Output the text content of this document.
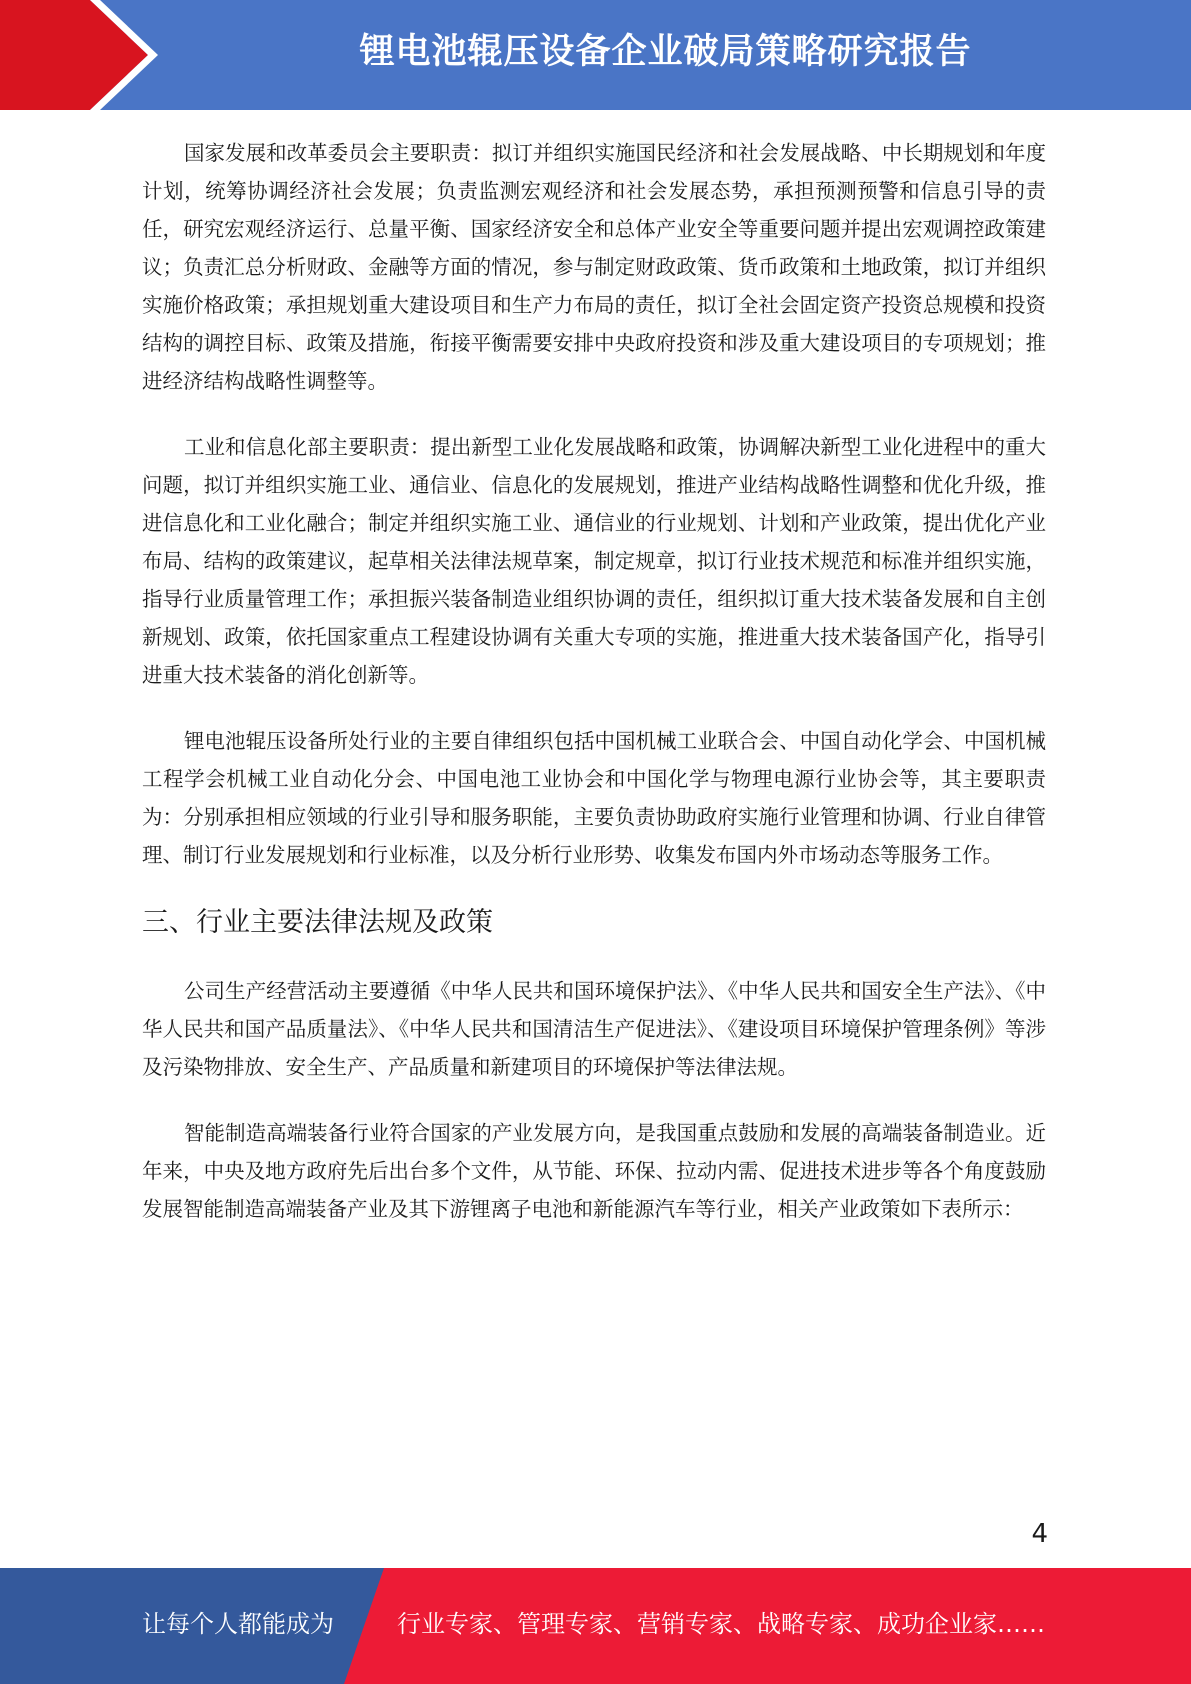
锂电池辊压设备企业破局策略研究报告

国家发展和改革委员会主要职责：拟订并组织实施国民经济和社会发展战略、中长期规划和年度计划，统筹协调经济社会发展；负责监测宏观经济和社会发展态势，承担预测预警和信息引导的责任，研究宏观经济运行、总量平衡、国家经济安全和总体产业安全等重要问题并提出宏观调控政策建议；负责汇总分析财政、金融等方面的情况，参与制定财政政策、货币政策和土地政策，拟订并组织实施价格政策；承担规划重大建设项目和生产力布局的责任，拟订全社会固定资产投资总规模和投资结构的调控目标、政策及措施，衔接平衡需要安排中央政府投资和涉及重大建设项目的专项规划；推进经济结构战略性调整等。

工业和信息化部主要职责：提出新型工业化发展战略和政策，协调解决新型工业化进程中的重大问题，拟订并组织实施工业、通信业、信息化的发展规划，推进产业结构战略性调整和优化升级，推进信息化和工业化融合；制定并组织实施工业、通信业的行业规划、计划和产业政策，提出优化产业布局、结构的政策建议，起草相关法律法规草案，制定规章，拟订行业技术规范和标准并组织实施，指导行业质量管理工作；承担振兴装备制造业组织协调的责任，组织拟订重大技术装备发展和自主创新规划、政策，依托国家重点工程建设协调有关重大专项的实施，推进重大技术装备国产化，指导引进重大技术装备的消化创新等。

锂电池辊压设备所处行业的主要自律组织包括中国机械工业联合会、中国自动化学会、中国机械工程学会机械工业自动化分会、中国电池工业协会和中国化学与物理电源行业协会等，其主要职责为：分别承担相应领域的行业引导和服务职能，主要负责协助政府实施行业管理和协调、行业自律管理、制订行业发展规划和行业标准，以及分析行业形势、收集发布国内外市场动态等服务工作。

三、行业主要法律法规及政策

公司生产经营活动主要遵循《中华人民共和国环境保护法》、《中华人民共和国安全生产法》、《中华人民共和国产品质量法》、《中华人民共和国清洁生产促进法》、《建设项目环境保护管理条例》等涉及污染物排放、安全生产、产品质量和新建项目的环境保护等法律法规。

智能制造高端装备行业符合国家的产业发展方向，是我国重点鼓励和发展的高端装备制造业。近年来，中央及地方政府先后出台多个文件，从节能、环保、拉动内需、促进技术进步等各个角度鼓励发展智能制造高端装备产业及其下游锂离子电池和新能源汽车等行业，相关产业政策如下表所示：

4
让每个人都能成为	行业专家、管理专家、营销专家、战略专家、成功企业家……
